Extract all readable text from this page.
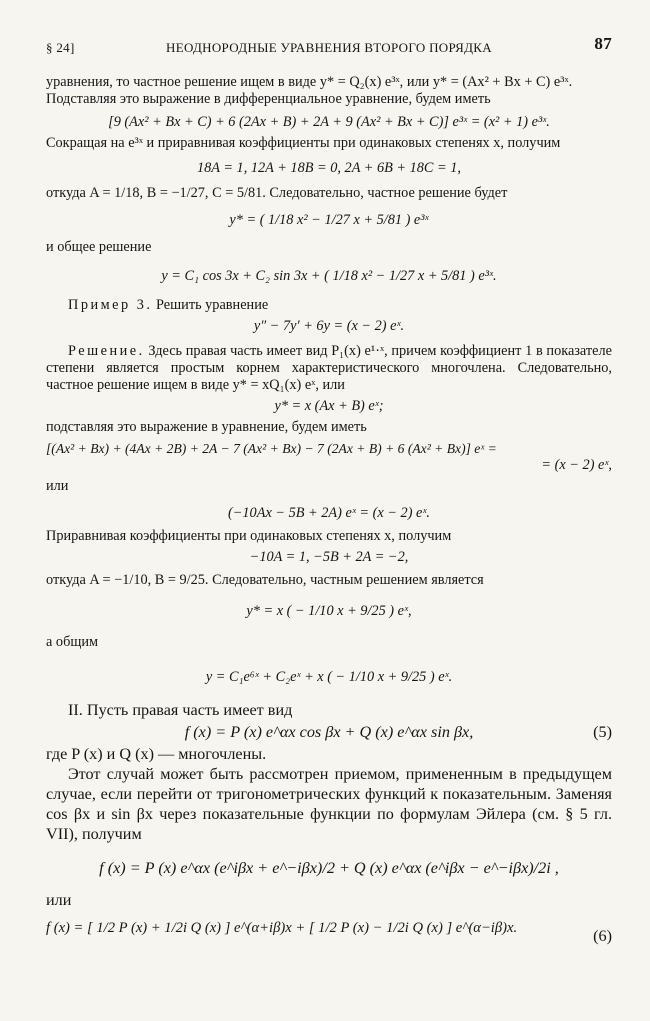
§ 24]	НЕОДНОРОДНЫЕ УРАВНЕНИЯ ВТОРОГО ПОРЯДКА	87

уравнения, то частное решение ищем в виде y* = Q₂(x) e³ˣ, или y* = (Ax² + Bx + C) e³ˣ.

Подставляя это выражение в дифференциальное уравнение, будем иметь

[9 (Ax² + Bx + C) + 6 (2Ax + B) + 2A + 9 (Ax² + Bx + C)] e³ˣ = (x² + 1) e³ˣ.

Сокращая на e³ˣ и приравнивая коэффициенты при одинаковых степенях x, получим

18A = 1, 12A + 18B = 0, 2A + 6B + 18C = 1,

откуда A = 1/18, B = −1/27, C = 5/81. Следовательно, частное решение будет

y* = ( 1/18 x² − 1/27 x + 5/81 ) e³ˣ

и общее решение

y = C₁ cos 3x + C₂ sin 3x + ( 1/18 x² − 1/27 x + 5/81 ) e³ˣ.

Пример 3. Решить уравнение

y″ − 7y′ + 6y = (x − 2) eˣ.

Решение. Здесь правая часть имеет вид P₁(x) e¹·ˣ, причем коэффициент 1 в показателе степени является простым корнем характеристического многочлена. Следовательно, частное решение ищем в виде y* = xQ₁(x) eˣ, или

y* = x (Ax + B) eˣ;

подставляя это выражение в уравнение, будем иметь

[(Ax² + Bx) + (4Ax + 2B) + 2A − 7 (Ax² + Bx) − 7 (2Ax + B) + 6 (Ax² + Bx)] eˣ =

= (x − 2) eˣ,

или

(−10Ax − 5B + 2A) eˣ = (x − 2) eˣ.

Приравнивая коэффициенты при одинаковых степенях x, получим

−10A = 1, −5B + 2A = −2,

откуда A = −1/10, B = 9/25. Следовательно, частным решением является

y* = x ( − 1/10 x + 9/25 ) eˣ,

а общим

y = C₁e⁶ˣ + C₂eˣ + x ( − 1/10 x + 9/25 ) eˣ.

II. Пусть правая часть имеет вид

f (x) = P (x) e^αx cos βx + Q (x) e^αx sin βx,	(5)

где P (x) и Q (x) — многочлены.

Этот случай может быть рассмотрен приемом, примененным в предыдущем случае, если перейти от тригонометрических функций к показательным. Заменяя cos βx и sin βx через показательные функции по формулам Эйлера (см. § 5 гл. VII), получим

f (x) = P (x) e^αx (e^iβx + e^−iβx)/2 + Q (x) e^αx (e^iβx − e^−iβx)/2i ,

или

f (x) = [ 1/2 P (x) + 1/2i Q (x) ] e^(α+iβ)x + [ 1/2 P (x) − 1/2i Q (x) ] e^(α−iβ)x.	(6)
